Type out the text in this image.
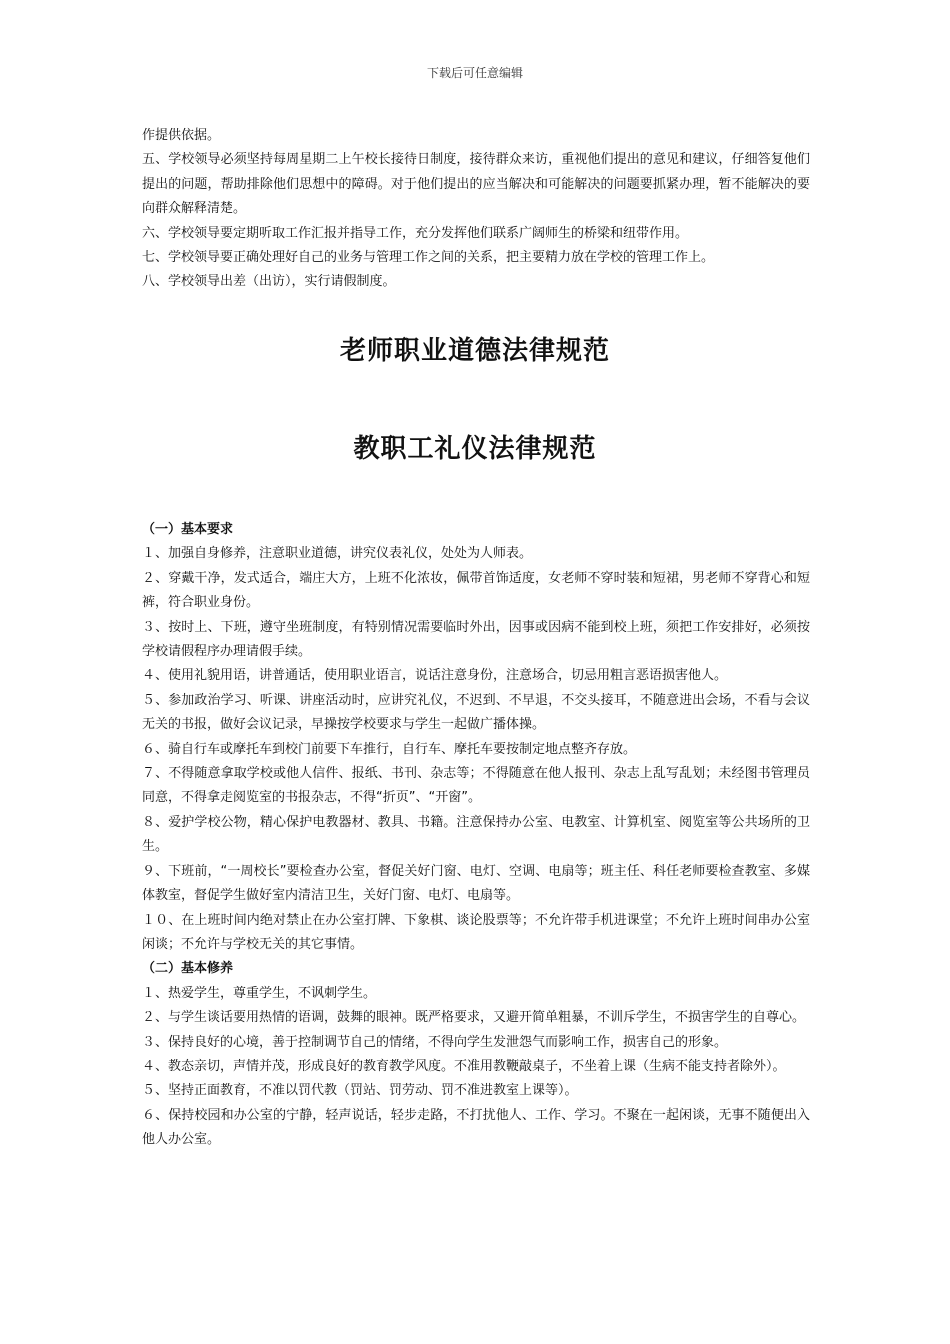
下载后可任意编辑

作提供依据。

五、学校领导必须坚持每周星期二上午校长接待日制度，接待群众来访，重视他们提出的意见和建议，仔细答复他们提出的问题，帮助排除他们思想中的障碍。对于他们提出的应当解决和可能解决的问题要抓紧办理，暂不能解决的要向群众解释清楚。

六、学校领导要定期听取工作汇报并指导工作，充分发挥他们联系广阔师生的桥梁和纽带作用。

七、学校领导要正确处理好自己的业务与管理工作之间的关系，把主要精力放在学校的管理工作上。

八、学校领导出差（出访），实行请假制度。

老师职业道德法律规范
教职工礼仪法律规范

（一）基本要求

１、加强自身修养，注意职业道德，讲究仪表礼仪，处处为人师表。

２、穿戴干净，发式适合，端庄大方，上班不化浓妆，佩带首饰适度，女老师不穿时装和短裙，男老师不穿背心和短裤，符合职业身份。

３、按时上、下班，遵守坐班制度，有特别情况需要临时外出，因事或因病不能到校上班，须把工作安排好，必须按学校请假程序办理请假手续。

４、使用礼貌用语，讲普通话，使用职业语言，说话注意身份，注意场合，切忌用粗言恶语损害他人。

５、参加政治学习、听课、讲座活动时，应讲究礼仪，不迟到、不早退，不交头接耳，不随意进出会场，不看与会议无关的书报，做好会议记录，早操按学校要求与学生一起做广播体操。

６、骑自行车或摩托车到校门前要下车推行，自行车、摩托车要按制定地点整齐存放。

７、不得随意拿取学校或他人信件、报纸、书刊、杂志等；不得随意在他人报刊、杂志上乱写乱划；未经图书管理员同意，不得拿走阅览室的书报杂志，不得“折页”、“开窗”。

８、爱护学校公物，精心保护电教器材、教具、书籍。注意保持办公室、电教室、计算机室、阅览室等公共场所的卫生。

９、下班前，“一周校长”要检查办公室，督促关好门窗、电灯、空调、电扇等；班主任、科任老师要检查教室、多媒体教室，督促学生做好室内清洁卫生，关好门窗、电灯、电扇等。

１０、在上班时间内绝对禁止在办公室打牌、下象棋、谈论股票等；不允许带手机进课堂；不允许上班时间串办公室闲谈；不允许与学校无关的其它事情。

（二）基本修养

１、热爱学生，尊重学生，不讽刺学生。

２、与学生谈话要用热情的语调，鼓舞的眼神。既严格要求，又避开简单粗暴，不训斥学生，不损害学生的自尊心。

３、保持良好的心境，善于控制调节自己的情绪，不得向学生发泄怨气而影响工作，损害自己的形象。

４、教态亲切，声情并茂，形成良好的教育教学风度。不准用教鞭敲桌子，不坐着上课（生病不能支持者除外）。

５、坚持正面教育，不准以罚代教（罚站、罚劳动、罚不准进教室上课等）。

６、保持校园和办公室的宁静，轻声说话，轻步走路，不打扰他人、工作、学习。不聚在一起闲谈，无事不随便出入他人办公室。
